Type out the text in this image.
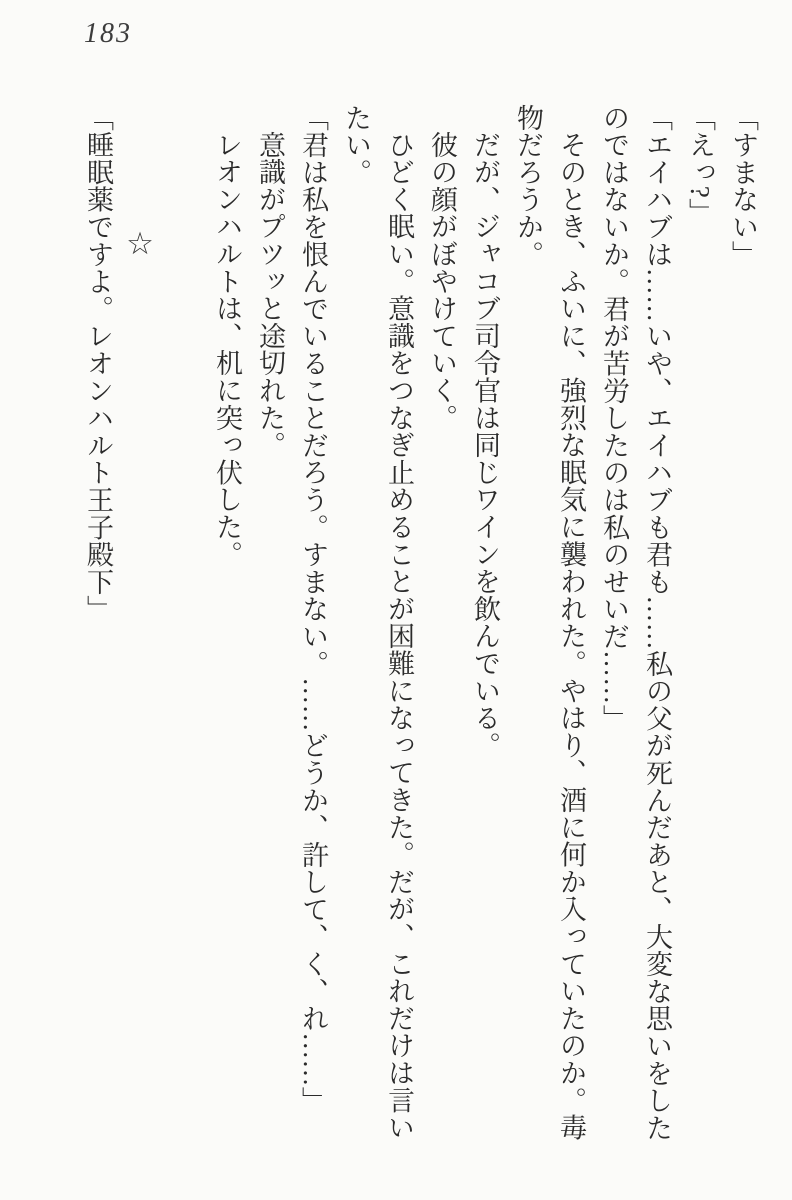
183

「すまない」

「えっ?」

「エイハブは……いや、エイハブも君も……私の父が死んだあと、大変な思いをしたのではないか。君が苦労したのは私のせいだ……」

そのとき、ふいに、強烈な眠気に襲われた。やはり、酒に何か入っていたのか。毒物だろうか。

だが、ジャコブ司令官は同じワインを飲んでいる。

彼の顔がぼやけていく。

ひどく眠い。意識をつなぎ止めることが困難になってきた。だが、これだけは言いたい。

「君は私を恨んでいることだろう。すまない。……どうか、許して、く、れ……」

意識がプツッと途切れた。

レオンハルトは、机に突っ伏した。

☆

「睡眠薬ですよ。レオンハルト王子殿下」
